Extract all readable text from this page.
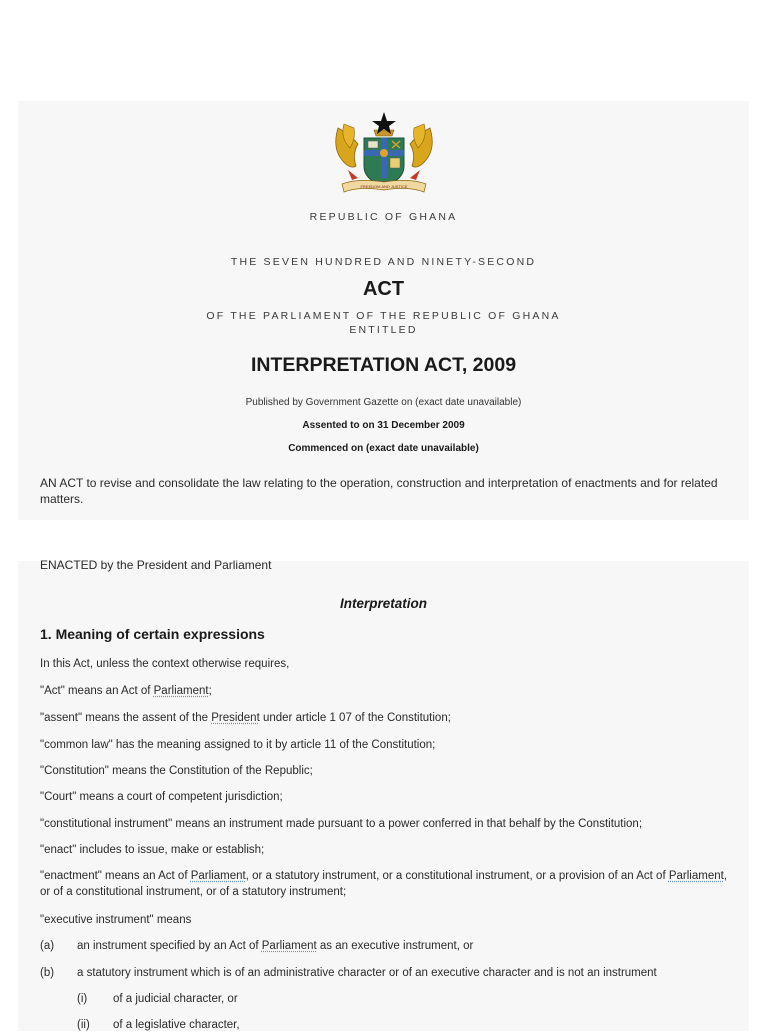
FREEDOM AND JUSTICE
REPUBLIC OF GHANA
THE SEVEN HUNDRED AND NINETY-SECOND
ACT
OF THE PARLIAMENT OF THE REPUBLIC OF GHANA
ENTITLED
INTERPRETATION ACT, 2009
Published by Government Gazette on (exact date unavailable)
Assented to on 31 December 2009
Commenced on (exact date unavailable)
AN ACT to revise and consolidate the law relating to the operation, construction and interpretation of enactments and for related matters.
ENACTED by the President and Parliament
Interpretation
1. Meaning of certain expressions
In this Act, unless the context otherwise requires,
"Act" means an Act of Parliament;
"assent" means the assent of the President under article 1 07 of the Constitution;
"common law" has the meaning assigned to it by article 11 of the Constitution;
"Constitution" means the Constitution of the Republic;
"Court" means a court of competent jurisdiction;
"constitutional instrument" means an instrument made pursuant to a power conferred in that behalf by the Constitution;
"enact" includes to issue, make or establish;
"enactment" means an Act of Parliament, or a statutory instrument, or a constitutional instrument, or a provision of an Act of Parliament, or of a constitutional instrument, or of a statutory instrument;
"executive instrument" means
(a) an instrument specified by an Act of Parliament as an executive instrument, or
(b) a statutory instrument which is of an administrative character or of an executive character and is not an instrument
(i) of a judicial character, or
(ii) of a legislative character,
